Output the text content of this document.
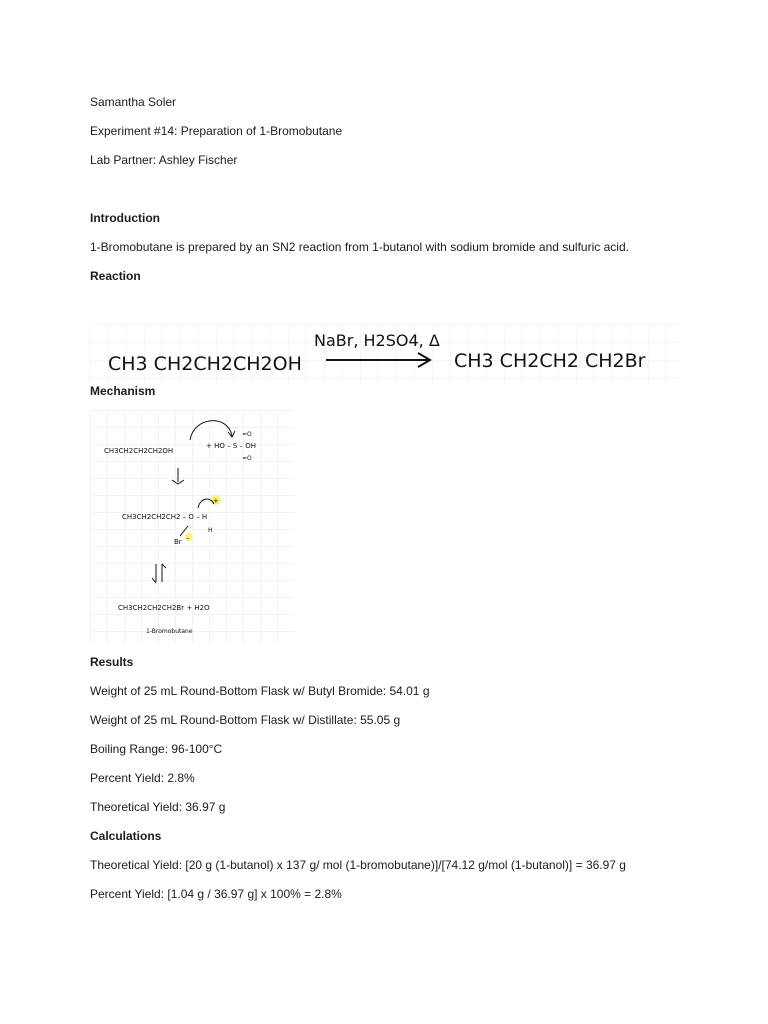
Samantha Soler
Experiment #14: Preparation of 1-Bromobutane
Lab Partner: Ashley Fischer
Introduction
1-Bromobutane is prepared by an SN2 reaction from 1-butanol with sodium bromide and sulfuric acid.
Reaction
CH3 CH2CH2CH2OH
NaBr, H2SO4, Δ
CH3 CH2CH2 CH2Br
Mechanism
CH3CH2CH2CH2OH
+ HO – S – OH
=O
=O
CH3CH2CH2CH2 – O – H
+
H
Br –
CH3CH2CH2CH2Br + H2O
1-Bromobutane
Results
Weight of 25 mL Round-Bottom Flask w/ Butyl Bromide: 54.01 g
Weight of 25 mL Round-Bottom Flask w/ Distillate: 55.05 g
Boiling Range: 96-100°C
Percent Yield: 2.8%
Theoretical Yield: 36.97 g
Calculations
Theoretical Yield: [20 g (1-butanol) x 137 g/ mol (1-bromobutane)]/[74.12 g/mol (1-butanol)] = 36.97 g
Percent Yield: [1.04 g / 36.97 g] x 100% = 2.8%
